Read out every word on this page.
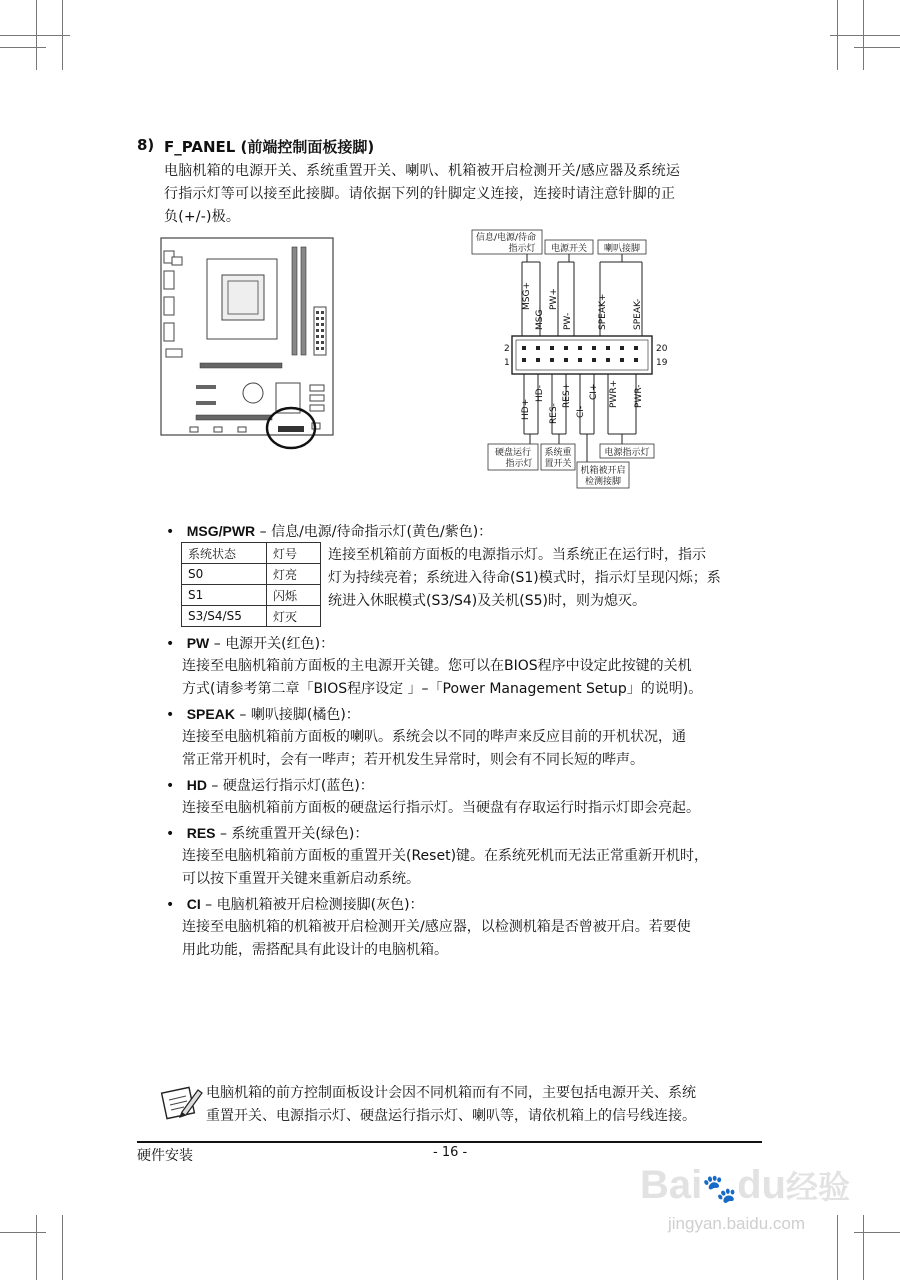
8) F_PANEL (前端控制面板接脚)
电脑机箱的电源开关、系统重置开关、喇叭、机箱被开启检测开关/感应器及系统运
行指示灯等可以接至此接脚。请依据下列的针脚定义连接，连接时请注意针脚的正
负(+/-)极。
信息/电源/待命
指示灯 电源开关 喇叭接脚
MSG+
MSG-
PW+
PW-	SPEAK+	SPEAK-
2
1
20
19
HD+
HD-
RES-
RES+
CI-
CI+ PWR+ PWR-
硬盘运行
指示灯
系统重
置开关
机箱被开启
检测接脚
电源指示灯
• MSG/PWR – 信息/电源/待命指示灯(黄色/紫色)：
系统状态	灯号
S0	灯亮
S1	闪烁
S3/S4/S5	灯灭
连接至机箱前方面板的电源指示灯。当系统正在运行时，指示
灯为持续亮着；系统进入待命(S1)模式时，指示灯呈现闪烁；系
统进入休眠模式(S3/S4)及关机(S5)时，则为熄灭。
• PW – 电源开关(红色)：
连接至电脑机箱前方面板的主电源开关键。您可以在BIOS程序中设定此按键的关机
方式(请参考第二章「BIOS程序设定 」–「Power Management Setup」的说明)。
• SPEAK – 喇叭接脚(橘色)：
连接至电脑机箱前方面板的喇叭。系统会以不同的哔声来反应目前的开机状况，通
常正常开机时，会有一哔声；若开机发生异常时，则会有不同长短的哔声。
• HD – 硬盘运行指示灯(蓝色)：
连接至电脑机箱前方面板的硬盘运行指示灯。当硬盘有存取运行时指示灯即会亮起。
• RES – 系统重置开关(绿色)：
连接至电脑机箱前方面板的重置开关(Reset)键。在系统死机而无法正常重新开机时，
可以按下重置开关键来重新启动系统。
• CI – 电脑机箱被开启检测接脚(灰色)：
连接至电脑机箱的机箱被开启检测开关/感应器，以检测机箱是否曾被开启。若要使
用此功能，需搭配具有此设计的电脑机箱。
电脑机箱的前方控制面板设计会因不同机箱而有不同，主要包括电源开关、系统
重置开关、电源指示灯、硬盘运行指示灯、喇叭等，请依机箱上的信号线连接。
硬件安装	- 16 -
Bai🐾du经验
jingyan.baidu.com
